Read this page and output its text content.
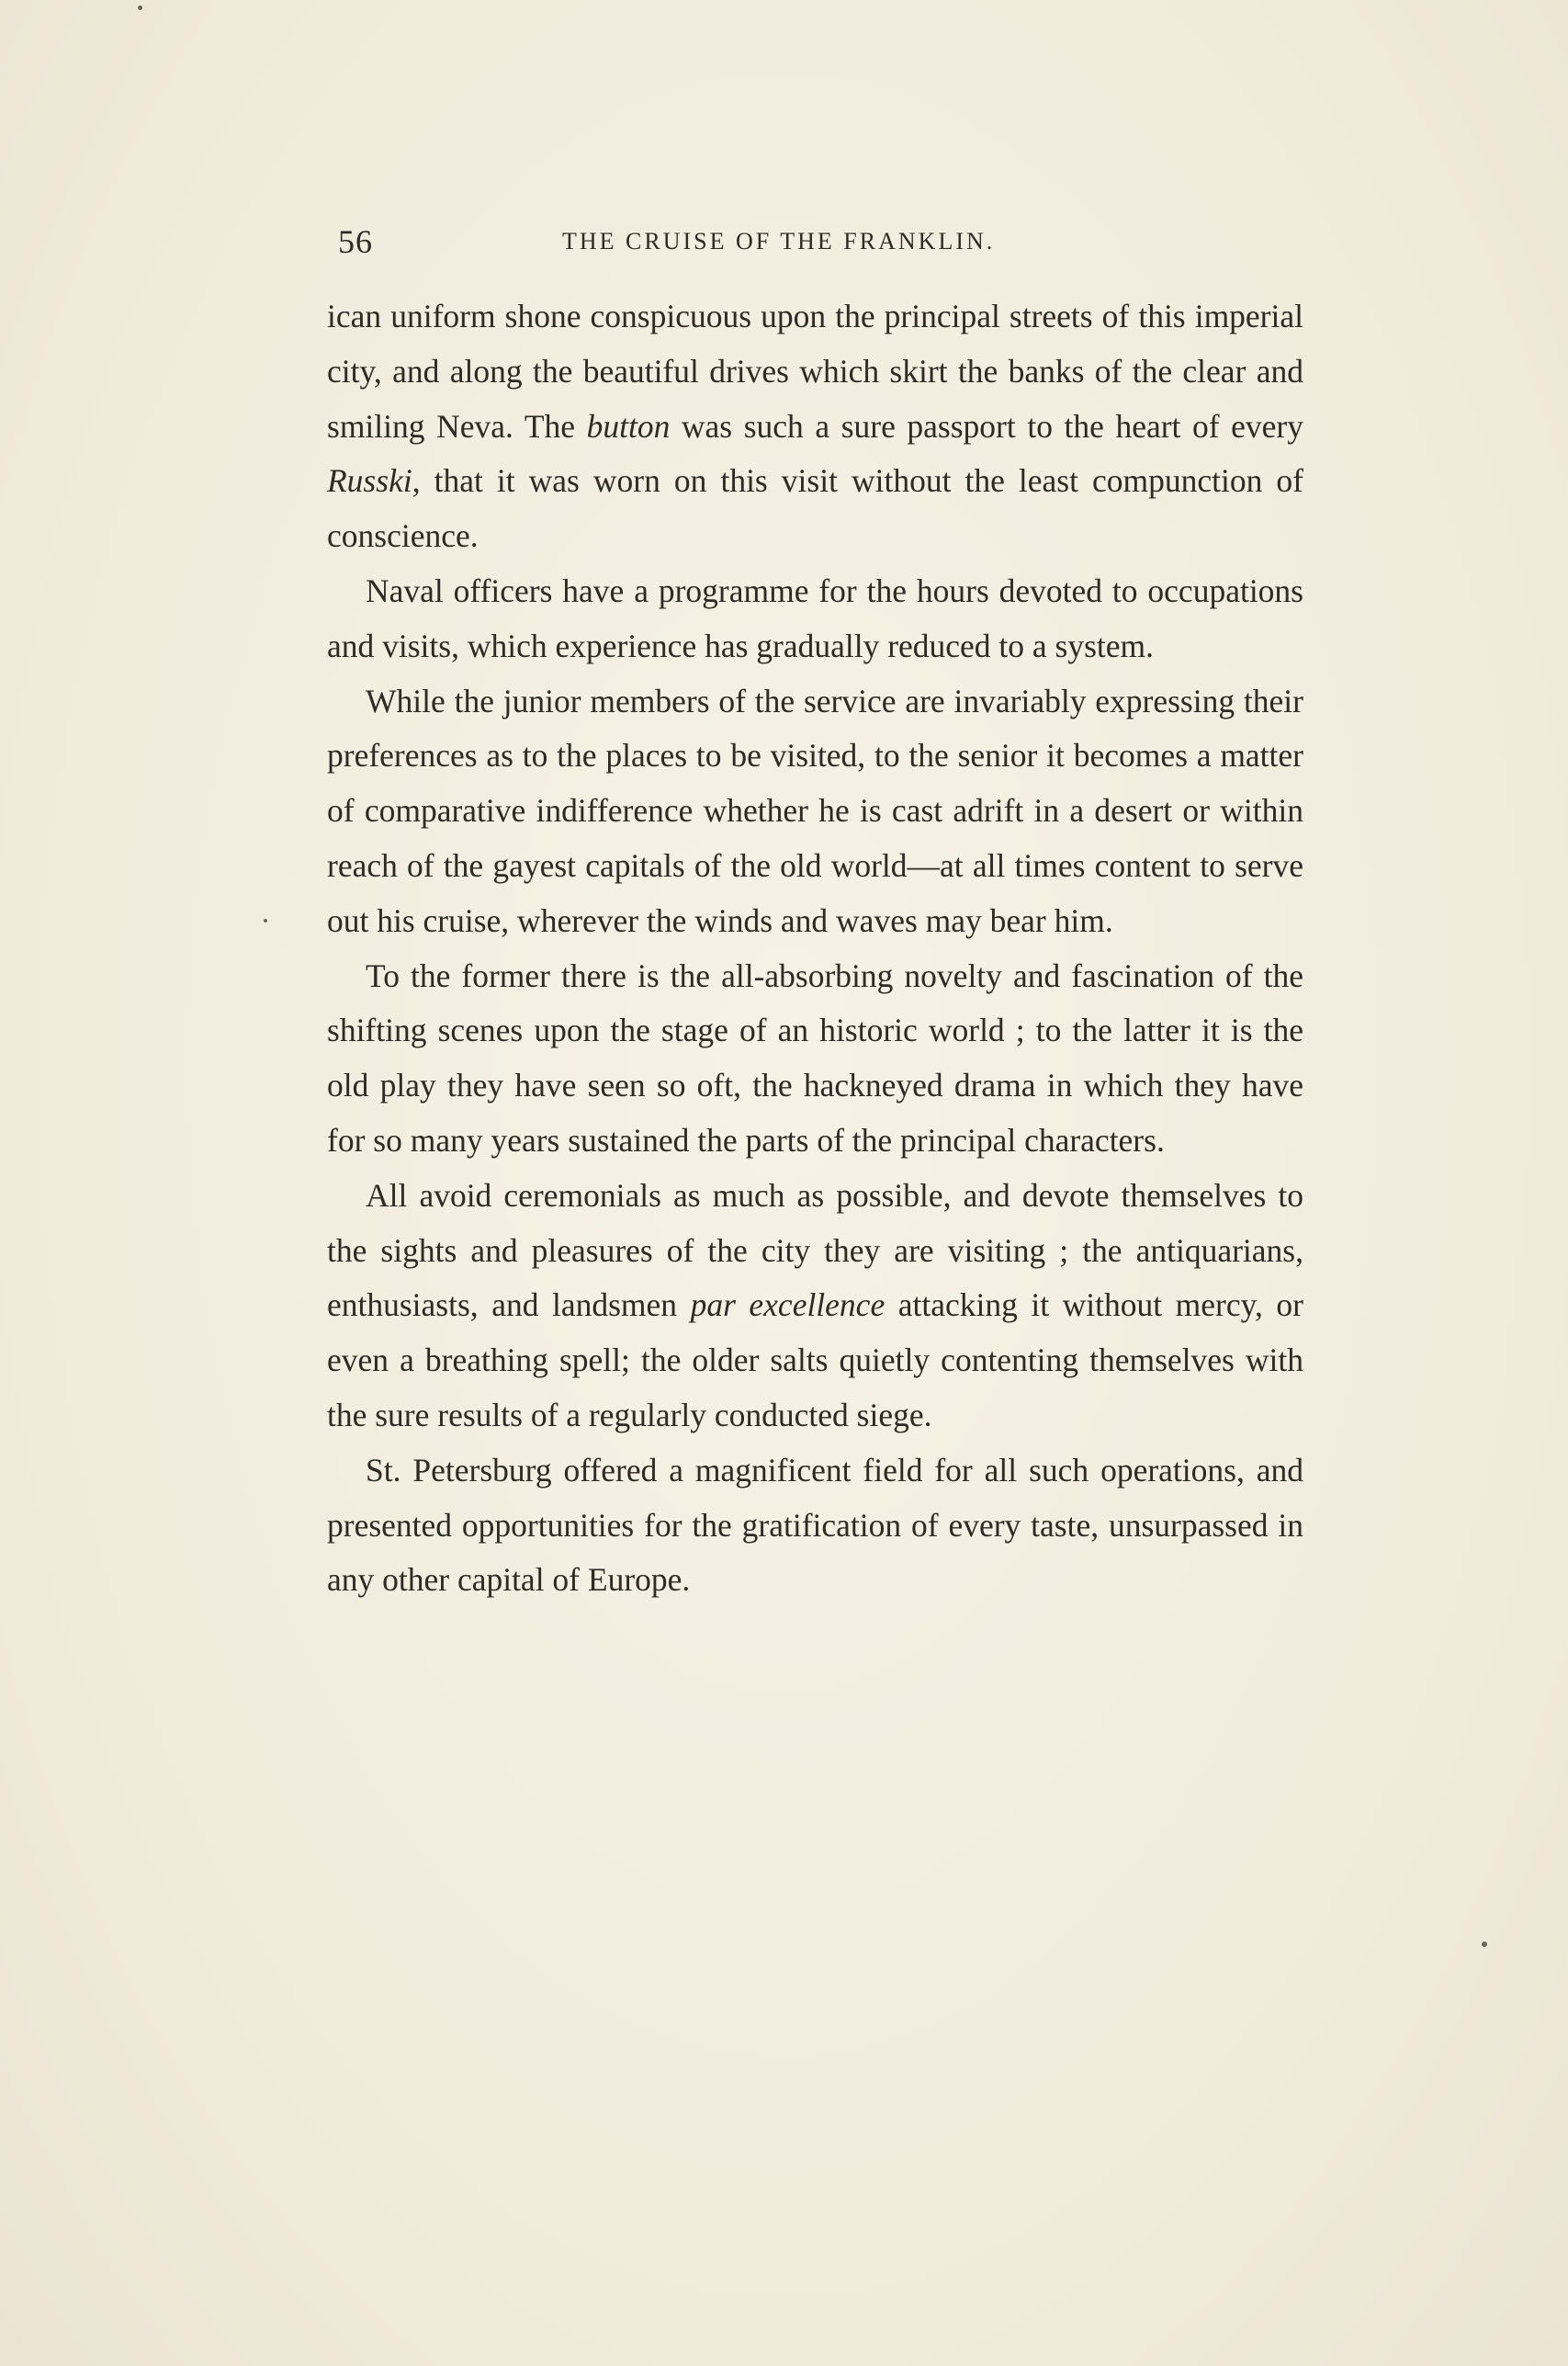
56	THE CRUISE OF THE FRANKLIN.

ican uniform shone conspicuous upon the principal streets of this imperial city, and along the beautiful drives which skirt the banks of the clear and smiling Neva. The button was such a sure passport to the heart of every Russki, that it was worn on this visit without the least compunction of conscience.

Naval officers have a programme for the hours devoted to occupations and visits, which experience has gradually reduced to a system.

While the junior members of the service are invariably expressing their preferences as to the places to be visited, to the senior it becomes a matter of comparative indifference whether he is cast adrift in a desert or within reach of the gayest capitals of the old world—at all times content to serve out his cruise, wherever the winds and waves may bear him.

To the former there is the all-absorbing novelty and fascination of the shifting scenes upon the stage of an historic world ; to the latter it is the old play they have seen so oft, the hackneyed drama in which they have for so many years sustained the parts of the principal characters.

All avoid ceremonials as much as possible, and devote themselves to the sights and pleasures of the city they are visiting ; the antiquarians, enthusiasts, and landsmen par excellence attacking it without mercy, or even a breathing spell; the older salts quietly contenting themselves with the sure results of a regularly conducted siege.

St. Petersburg offered a magnificent field for all such operations, and presented opportunities for the gratification of every taste, unsurpassed in any other capital of Europe.
